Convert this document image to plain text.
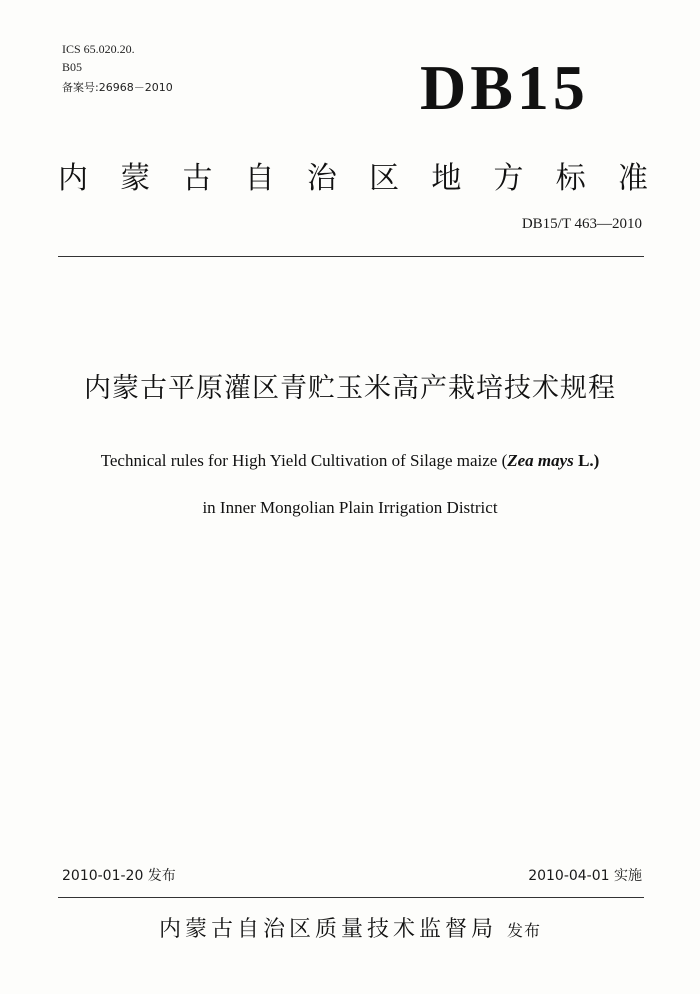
ICS 65.020.20.
B05
备案号:26968－2010	DB15
内 蒙 古 自 治 区 地 方 标 准
DB15/T 463—2010
内蒙古平原灌区青贮玉米高产栽培技术规程
Technical rules for High Yield Cultivation of Silage maize (Zea mays L.)
in Inner Mongolian Plain Irrigation District
2010-01-20 发布	2010-04-01 实施
内蒙古自治区质量技术监督局 发布
